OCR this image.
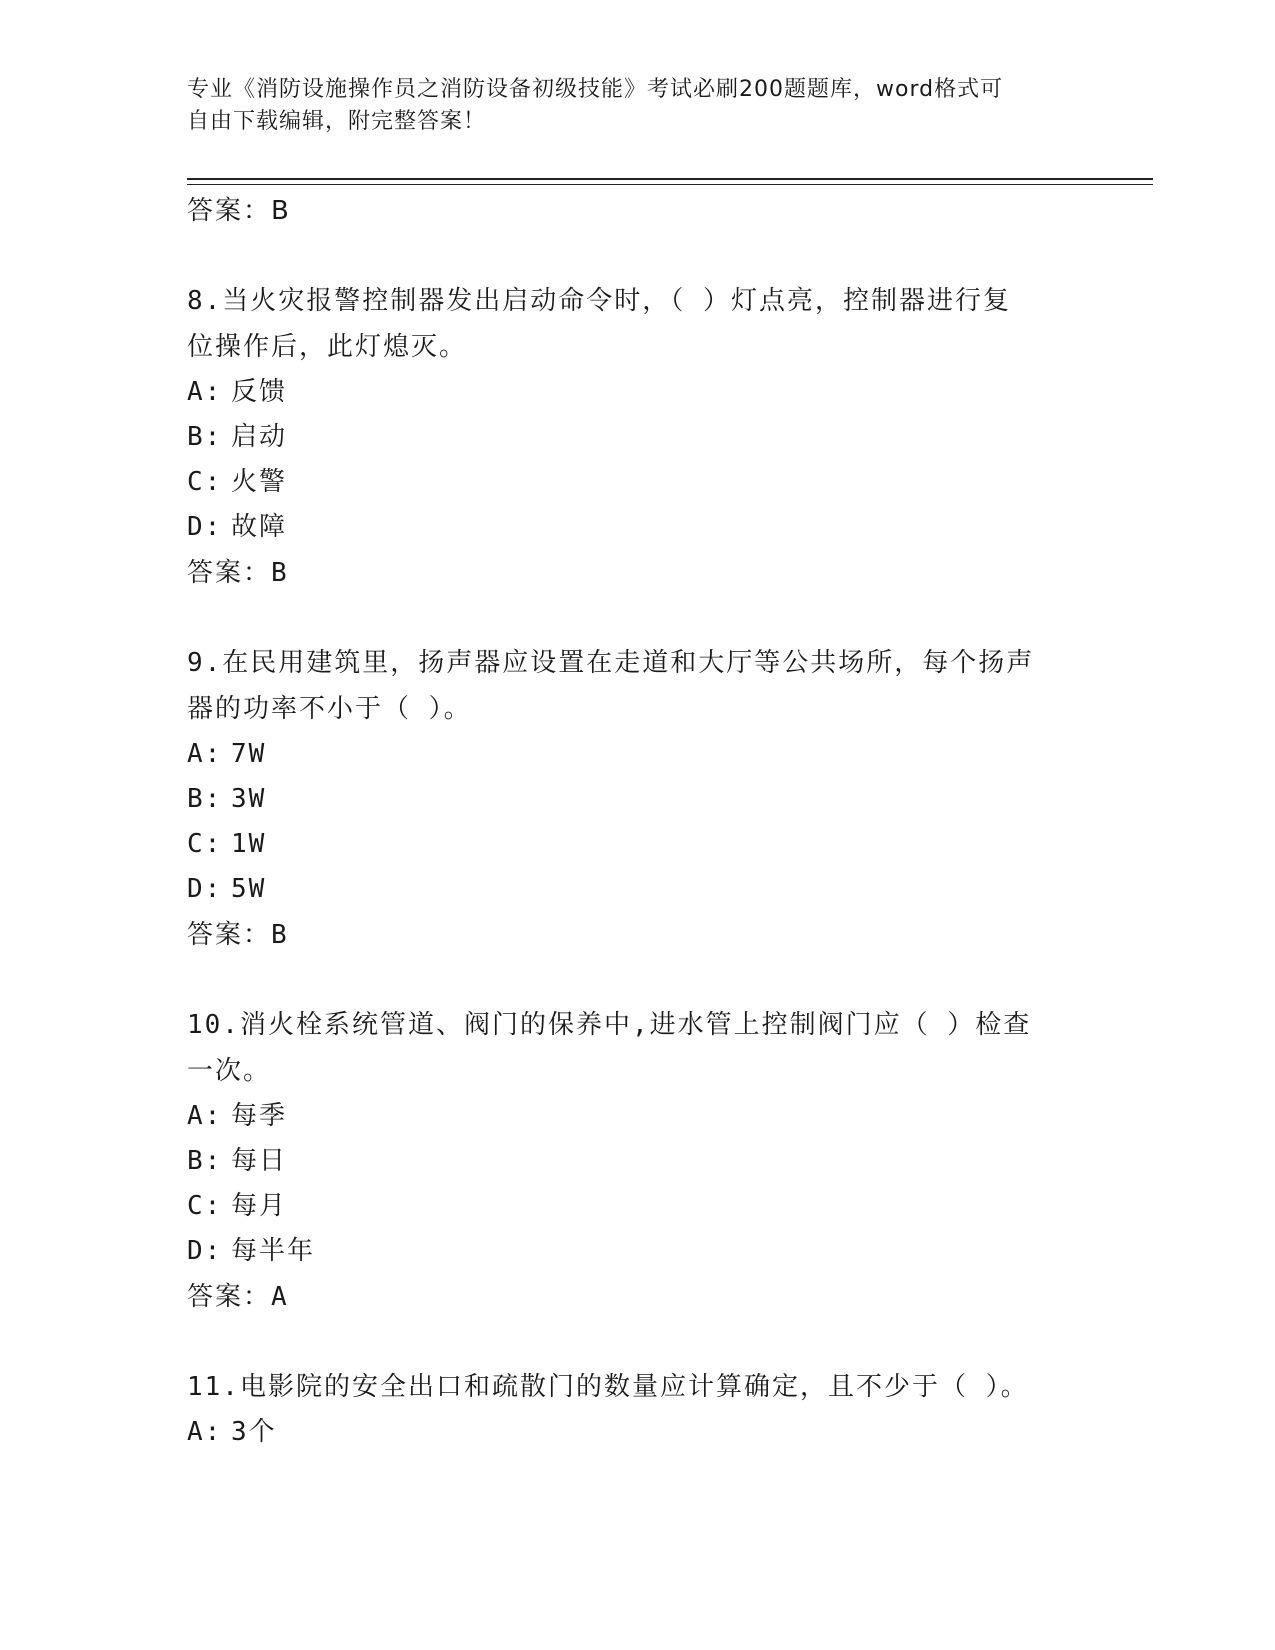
专业《消防设施操作员之消防设备初级技能》考试必刷200题题库，word格式可
自由下载编辑，附完整答案！
答案：B
8.当火灾报警控制器发出启动命令时，（ ）灯点亮，控制器进行复
位操作后，此灯熄灭。
A: 反馈
B: 启动
C: 火警
D: 故障
答案：B
9.在民用建筑里，扬声器应设置在走道和大厅等公共场所，每个扬声
器的功率不小于（ ）。
A: 7W
B: 3W
C: 1W
D: 5W
答案：B
10.消火栓系统管道、阀门的保养中,进水管上控制阀门应（ ）检查
一次。
A: 每季
B: 每日
C: 每月
D: 每半年
答案：A
11.电影院的安全出口和疏散门的数量应计算确定，且不少于（ ）。
A: 3个
